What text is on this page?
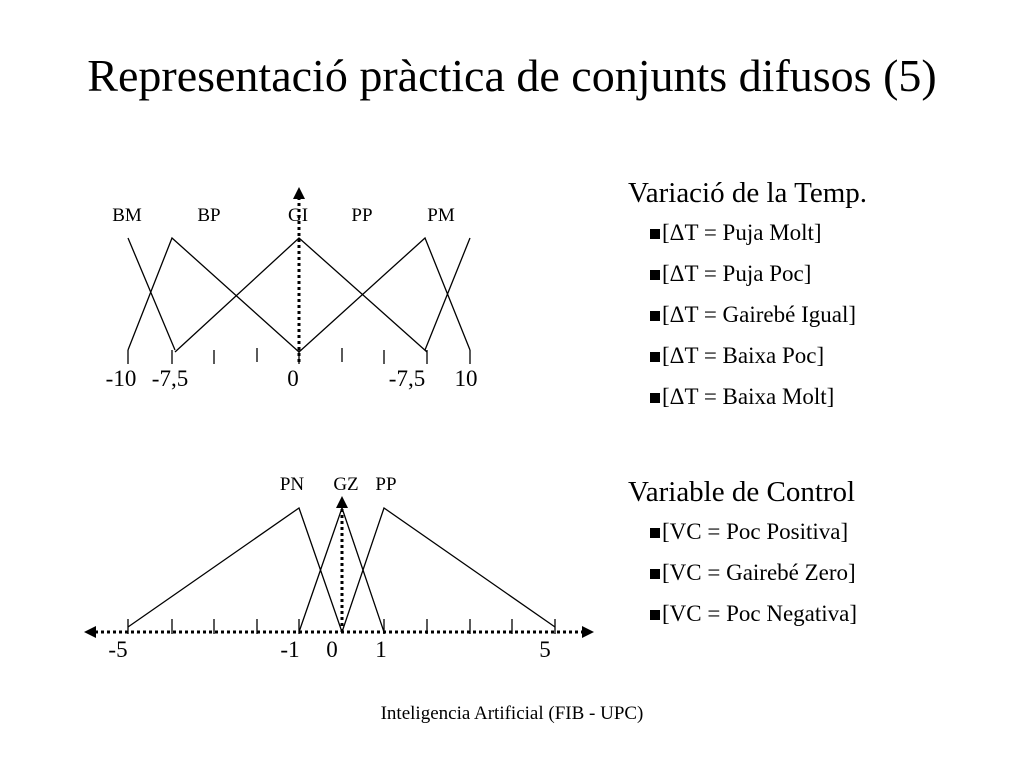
Representació pràctica de conjunts difusos (5)
BM	BP	GI PP	PM
-10 -7,5	0	-7,5 10
PN GZ PP
-5	-1 0 1	5
Variació de la Temp.
[ΔT = Puja Molt]
[ΔT = Puja Poc]
[ΔT = Gairebé Igual]
[ΔT = Baixa Poc]
[ΔT = Baixa Molt]
Variable de Control
[VC = Poc Positiva]
[VC = Gairebé Zero]
[VC = Poc Negativa]
Inteligencia Artificial (FIB - UPC)
